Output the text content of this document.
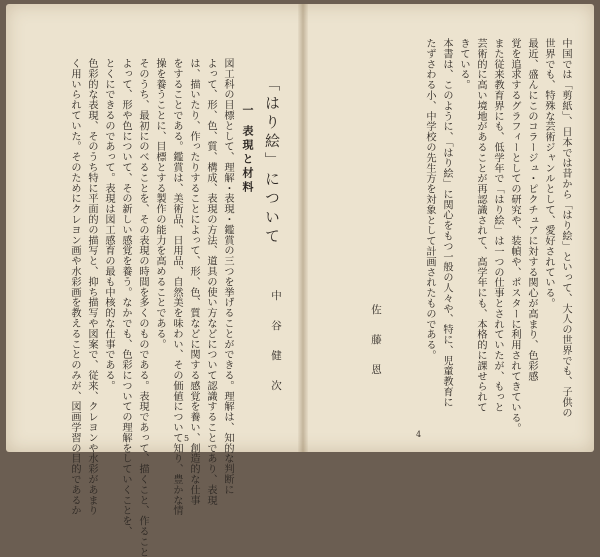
「はり絵」について
中 谷 健 次
一 表現と材料
図工科の目標として、理解・表現・鑑賞の三つを挙げることができる。理解は、知的な判断に
よって、形、色、質、構成、表現の方法、道具の使い方などについて認識することであり、表現
は、描いたり、作ったりすることによって、形、色、質などに関する感覚を養い、創造的な仕事
をすることである。鑑賞は、美術品、日用品、自然美を味わい、その価値について知り、豊かな情
操を養うことに、目標とする製作の能力を高めることである。
そのうち、最初にのべることを、その表現の時間を多くのものである。表現であって、描くこと、作ること
よって、形や色について、その新しい感覚を養う。なかでも、色彩についての理解をしていくことを、
とくにできるのであって。表現は図工感育の最も中核的な仕事である。
色彩的な表現、そのうち特に平面的の描写と、抑ち描写や図案で、従来、クレヨンや水彩があまり
く用いられていた。そのためにクレヨン画や水彩画を教えることのみが、図画学習の目的であるか	5
中国では「剪紙」、日本では昔から「はり絵」といって、大人の世界でも、子供の
世界でも、特殊な芸術ジャンルとして、愛好されている。
最近、盛んにこのコラージュ・ピクチュアに対する関心が高まり、色彩感
覚を追求するグラフィーとしての研究や、装幀や、ポスターに利用されてきている。
また従来教育界にも、低学年で「はり絵」は一つの仕事とされていたが、もっと
芸術的に高い境地があることが再認識されて、高学年にも、本格的に課せられて
きている。
本書は、このように、「はり絵」に関心をもつ一般の人々や、特に、児童教育に
たずさわる小、中学校の先生方を対象として計画されたものである。
佐 藤 恩
4
